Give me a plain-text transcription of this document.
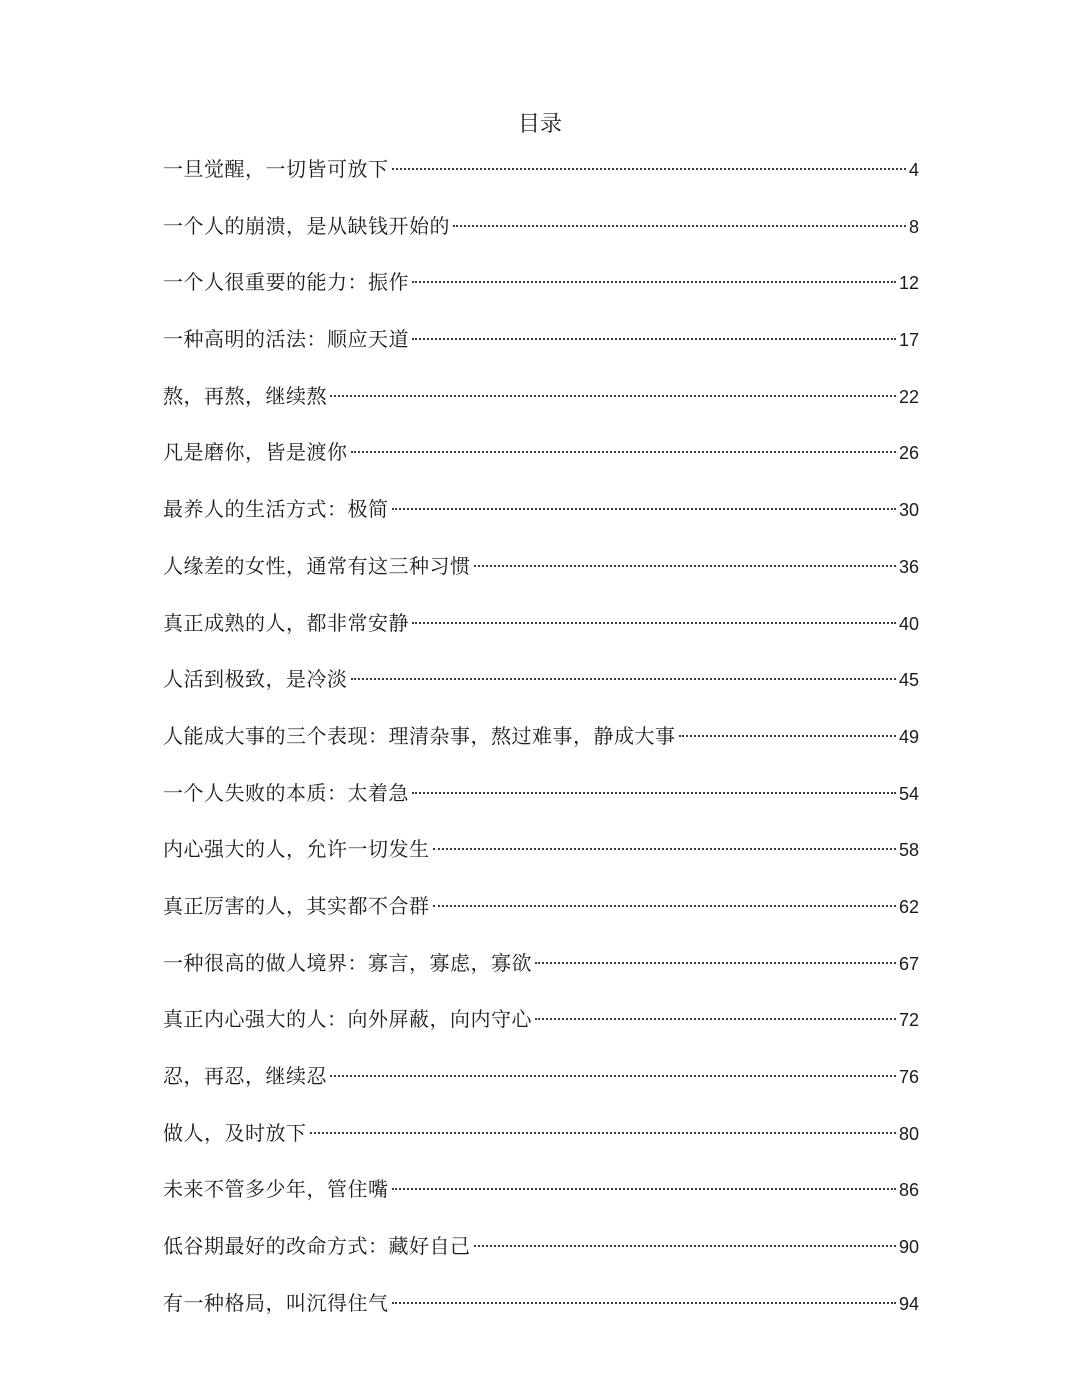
目录
一旦觉醒，一切皆可放下	4
一个人的崩溃，是从缺钱开始的	8
一个人很重要的能力：振作	12
一种高明的活法：顺应天道	17
熬，再熬，继续熬	22
凡是磨你，皆是渡你	26
最养人的生活方式：极简	30
人缘差的女性，通常有这三种习惯	36
真正成熟的人，都非常安静	40
人活到极致，是冷淡	45
人能成大事的三个表现：理清杂事，熬过难事，静成大事	49
一个人失败的本质：太着急	54
内心强大的人，允许一切发生	58
真正厉害的人，其实都不合群	62
一种很高的做人境界：寡言，寡虑，寡欲	67
真正内心强大的人：向外屏蔽，向内守心	72
忍，再忍，继续忍	76
做人，及时放下	80
未来不管多少年，管住嘴	86
低谷期最好的改命方式：藏好自己	90
有一种格局，叫沉得住气	94
